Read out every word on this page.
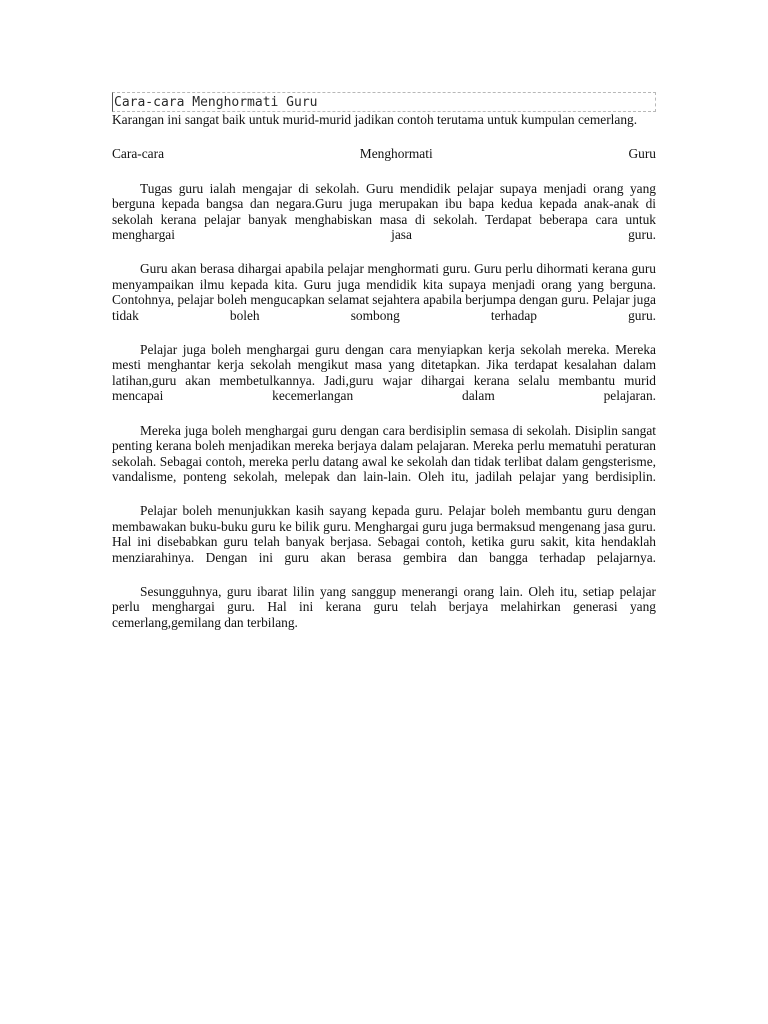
Cara-cara Menghormati Guru

Karangan ini sangat baik untuk murid-murid jadikan contoh terutama untuk kumpulan cemerlang.

Cara-cara	Menghormati	Guru

Tugas guru ialah mengajar di sekolah. Guru mendidik pelajar supaya menjadi orang yang berguna kepada bangsa dan negara.Guru juga merupakan ibu bapa kedua kepada anak-anak di sekolah kerana pelajar banyak menghabiskan masa di sekolah. Terdapat beberapa cara untuk menghargai jasa guru.

Guru akan berasa dihargai apabila pelajar menghormati guru. Guru perlu dihormati kerana guru menyampaikan ilmu kepada kita. Guru juga mendidik kita supaya menjadi orang yang berguna. Contohnya, pelajar boleh mengucapkan selamat sejahtera apabila berjumpa dengan guru. Pelajar juga tidak boleh sombong terhadap guru.

Pelajar juga boleh menghargai guru dengan cara menyiapkan kerja sekolah mereka. Mereka mesti menghantar kerja sekolah mengikut masa yang ditetapkan. Jika terdapat kesalahan dalam latihan,guru akan membetulkannya. Jadi,guru wajar dihargai kerana selalu membantu murid mencapai kecemerlangan dalam pelajaran.

Mereka juga boleh menghargai guru dengan cara berdisiplin semasa di sekolah. Disiplin sangat penting kerana boleh menjadikan mereka berjaya dalam pelajaran. Mereka perlu mematuhi peraturan sekolah. Sebagai contoh, mereka perlu datang awal ke sekolah dan tidak terlibat dalam gengsterisme, vandalisme, ponteng sekolah, melepak dan lain-lain. Oleh itu, jadilah pelajar yang berdisiplin.

Pelajar boleh menunjukkan kasih sayang kepada guru. Pelajar boleh membantu guru dengan membawakan buku-buku guru ke bilik guru. Menghargai guru juga bermaksud mengenang jasa guru. Hal ini disebabkan guru telah banyak berjasa. Sebagai contoh, ketika guru sakit, kita hendaklah menziarahinya. Dengan ini guru akan berasa gembira dan bangga terhadap pelajarnya.

Sesungguhnya, guru ibarat lilin yang sanggup menerangi orang lain. Oleh itu, setiap pelajar perlu menghargai guru. Hal ini kerana guru telah berjaya melahirkan generasi yang cemerlang,gemilang dan terbilang.
